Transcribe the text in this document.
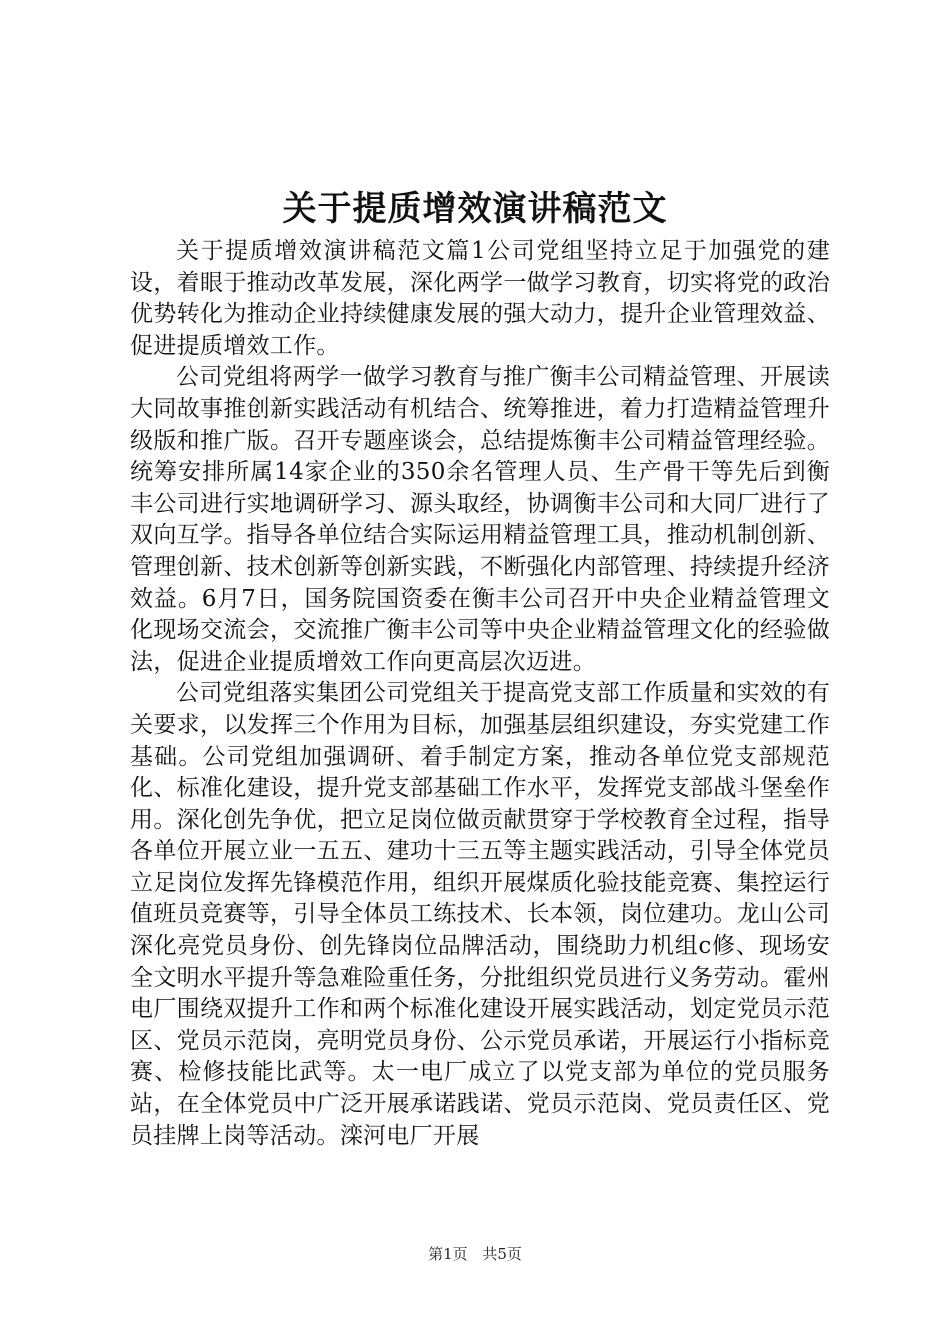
关于提质增效演讲稿范文

关于提质增效演讲稿范文篇1公司党组坚持立足于加强党的建设，着眼于推动改革发展，深化两学一做学习教育，切实将党的政治优势转化为推动企业持续健康发展的强大动力，提升企业管理效益、促进提质增效工作。

公司党组将两学一做学习教育与推广衡丰公司精益管理、开展读大同故事推创新实践活动有机结合、统筹推进，着力打造精益管理升级版和推广版。召开专题座谈会，总结提炼衡丰公司精益管理经验。统筹安排所属14家企业的350余名管理人员、生产骨干等先后到衡丰公司进行实地调研学习、源头取经，协调衡丰公司和大同厂进行了双向互学。指导各单位结合实际运用精益管理工具，推动机制创新、管理创新、技术创新等创新实践，不断强化内部管理、持续提升经济效益。6月7日，国务院国资委在衡丰公司召开中央企业精益管理文化现场交流会，交流推广衡丰公司等中央企业精益管理文化的经验做法，促进企业提质增效工作向更高层次迈进。

公司党组落实集团公司党组关于提高党支部工作质量和实效的有关要求，以发挥三个作用为目标，加强基层组织建设，夯实党建工作基础。公司党组加强调研、着手制定方案，推动各单位党支部规范化、标准化建设，提升党支部基础工作水平，发挥党支部战斗堡垒作用。深化创先争优，把立足岗位做贡献贯穿于学校教育全过程，指导各单位开展立业一五五、建功十三五等主题实践活动，引导全体党员立足岗位发挥先锋模范作用，组织开展煤质化验技能竞赛、集控运行值班员竞赛等，引导全体员工练技术、长本领，岗位建功。龙山公司深化亮党员身份、创先锋岗位品牌活动，围绕助力机组c修、现场安全文明水平提升等急难险重任务，分批组织党员进行义务劳动。霍州电厂围绕双提升工作和两个标准化建设开展实践活动，划定党员示范区、党员示范岗，亮明党员身份、公示党员承诺，开展运行小指标竞赛、检修技能比武等。太一电厂成立了以党支部为单位的党员服务站，在全体党员中广泛开展承诺践诺、党员示范岗、党员责任区、党员挂牌上岗等活动。滦河电厂开展

第1页 共5页
